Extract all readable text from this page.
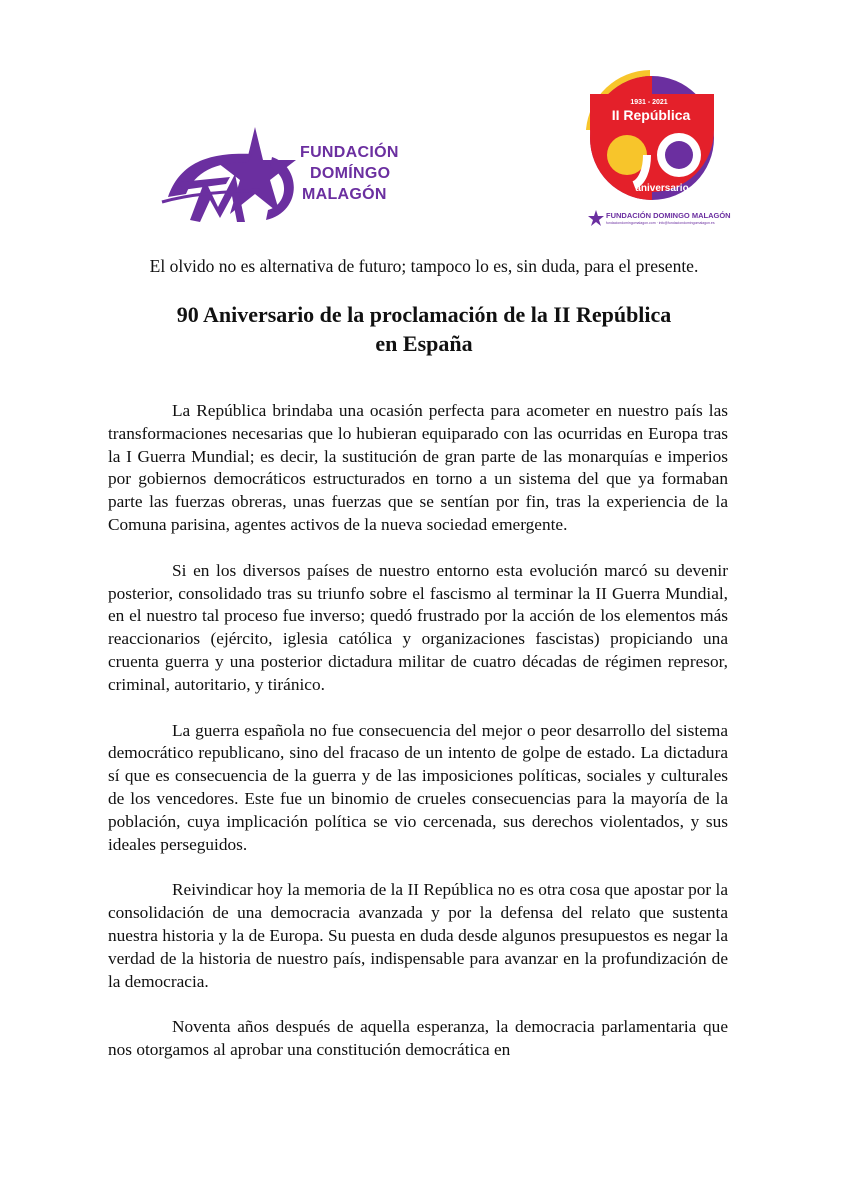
FUNDACIÓN
DOMÍNGO
MALAGÓN
1931 - 2021
II República
aniversario
FUNDACIÓN DOMINGO MALAGÓN
fundaciondomingomalagon.com · info@fundaciondomingomalagon.es
El olvido no es alternativa de futuro; tampoco lo es, sin duda, para el presente.
90 Aniversario de la proclamación de la II República
en España

La República brindaba una ocasión perfecta para acometer en nuestro país las transformaciones necesarias que lo hubieran equiparado con las ocurridas en Europa tras la I Guerra Mundial; es decir, la sustitución de gran parte de las monarquías e imperios por gobiernos democráticos estructurados en torno a un sistema del que ya formaban parte las fuerzas obreras, unas fuerzas que se sentían por fin, tras la experiencia de la Comuna parisina, agentes activos de la nueva sociedad emergente.

Si en los diversos países de nuestro entorno esta evolución marcó su devenir posterior, consolidado tras su triunfo sobre el fascismo al terminar la II Guerra Mundial, en el nuestro tal proceso fue inverso; quedó frustrado por la acción de los elementos más reaccionarios (ejército, iglesia católica y organizaciones fascistas) propiciando una cruenta guerra y una posterior dictadura militar de cuatro décadas de régimen represor, criminal, autoritario, y tiránico.

La guerra española no fue consecuencia del mejor o peor desarrollo del sistema democrático republicano, sino del fracaso de un intento de golpe de estado. La dictadura sí que es consecuencia de la guerra y de las imposiciones políticas, sociales y culturales de los vencedores. Este fue un binomio de crueles consecuencias para la mayoría de la población, cuya implicación política se vio cercenada, sus derechos violentados, y sus ideales perseguidos.

Reivindicar hoy la memoria de la II República no es otra cosa que apostar por la consolidación de una democracia avanzada y por la defensa del relato que sustenta nuestra historia y la de Europa. Su puesta en duda desde algunos presupuestos es negar la verdad de la historia de nuestro país, indispensable para avanzar en la profundización de la democracia.

Noventa años después de aquella esperanza, la democracia parlamentaria que nos otorgamos al aprobar una constitución democrática en
